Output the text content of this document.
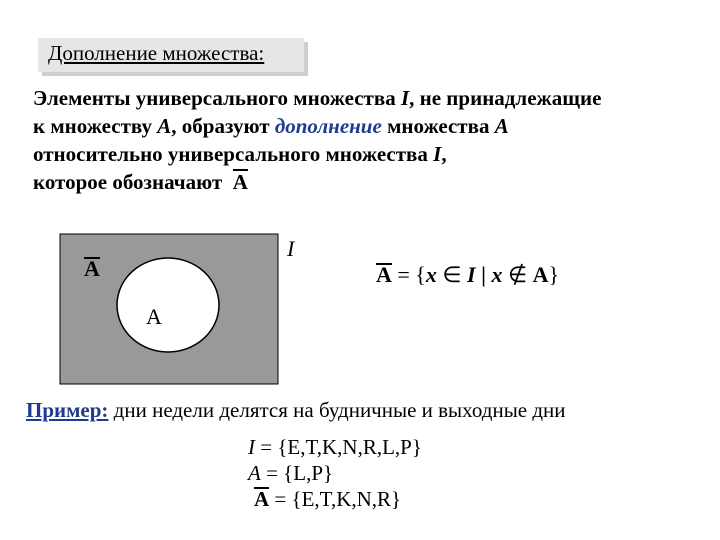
Дополнение множества:
Элементы универсального множества I, не принадлежащие
к множеству A, образуют дополнение множества A
относительно универсального множества I,
которое обозначают  A
I
A
A
A = {x ∈ I | x ∉ A}
Пример: дни недели делятся на будничные и выходные дни
I = {E,T,K,N,R,L,P}
A = {L,P}
A = {E,T,K,N,R}
